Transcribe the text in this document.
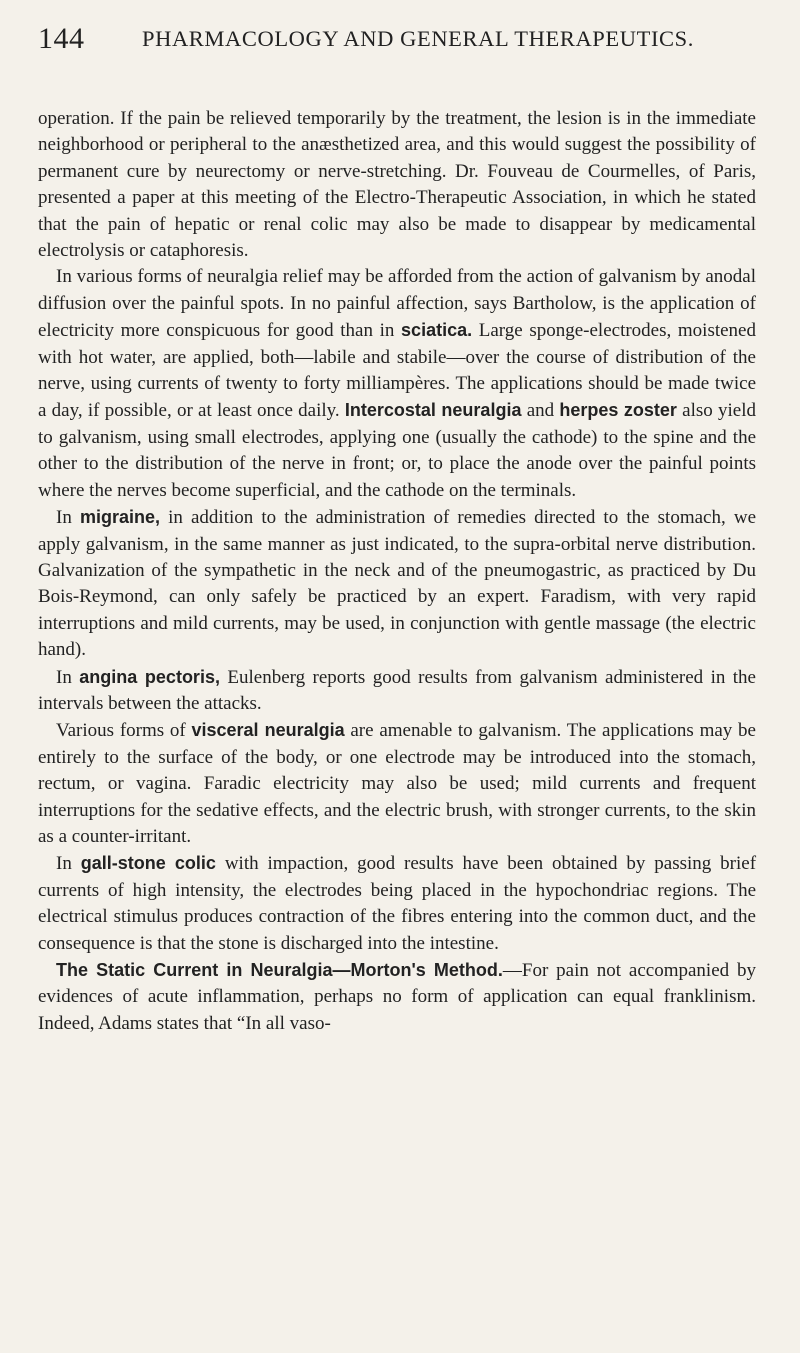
144	PHARMACOLOGY AND GENERAL THERAPEUTICS.

operation. If the pain be relieved temporarily by the treatment, the lesion is in the immediate neighborhood or peripheral to the anæsthetized area, and this would suggest the possibility of permanent cure by neurectomy or nerve-stretching. Dr. Fouveau de Courmelles, of Paris, presented a paper at this meeting of the Electro-Therapeutic Association, in which he stated that the pain of hepatic or renal colic may also be made to disappear by medicamental electrolysis or cataphoresis.

In various forms of neuralgia relief may be afforded from the action of galvanism by anodal diffusion over the painful spots. In no painful affection, says Bartholow, is the application of electricity more conspicuous for good than in sciatica. Large sponge-electrodes, moistened with hot water, are applied, both—labile and stabile—over the course of distribution of the nerve, using currents of twenty to forty milliampères. The applications should be made twice a day, if possible, or at least once daily. Intercostal neuralgia and herpes zoster also yield to galvanism, using small electrodes, applying one (usually the cathode) to the spine and the other to the distribution of the nerve in front; or, to place the anode over the painful points where the nerves become superficial, and the cathode on the terminals.

In migraine, in addition to the administration of remedies directed to the stomach, we apply galvanism, in the same manner as just indicated, to the supra-orbital nerve distribution. Galvanization of the sympathetic in the neck and of the pneumogastric, as practiced by Du Bois-Reymond, can only safely be practiced by an expert. Faradism, with very rapid interruptions and mild currents, may be used, in conjunction with gentle massage (the electric hand).

In angina pectoris, Eulenberg reports good results from galvanism administered in the intervals between the attacks.

Various forms of visceral neuralgia are amenable to galvanism. The applications may be entirely to the surface of the body, or one electrode may be introduced into the stomach, rectum, or vagina. Faradic electricity may also be used; mild currents and frequent interruptions for the sedative effects, and the electric brush, with stronger currents, to the skin as a counter-irritant.

In gall-stone colic with impaction, good results have been obtained by passing brief currents of high intensity, the electrodes being placed in the hypochondriac regions. The electrical stimulus produces contraction of the fibres entering into the common duct, and the consequence is that the stone is discharged into the intestine.

The Static Current in Neuralgia—Morton's Method.—For pain not accompanied by evidences of acute inflammation, perhaps no form of application can equal franklinism. Indeed, Adams states that “In all vaso-
